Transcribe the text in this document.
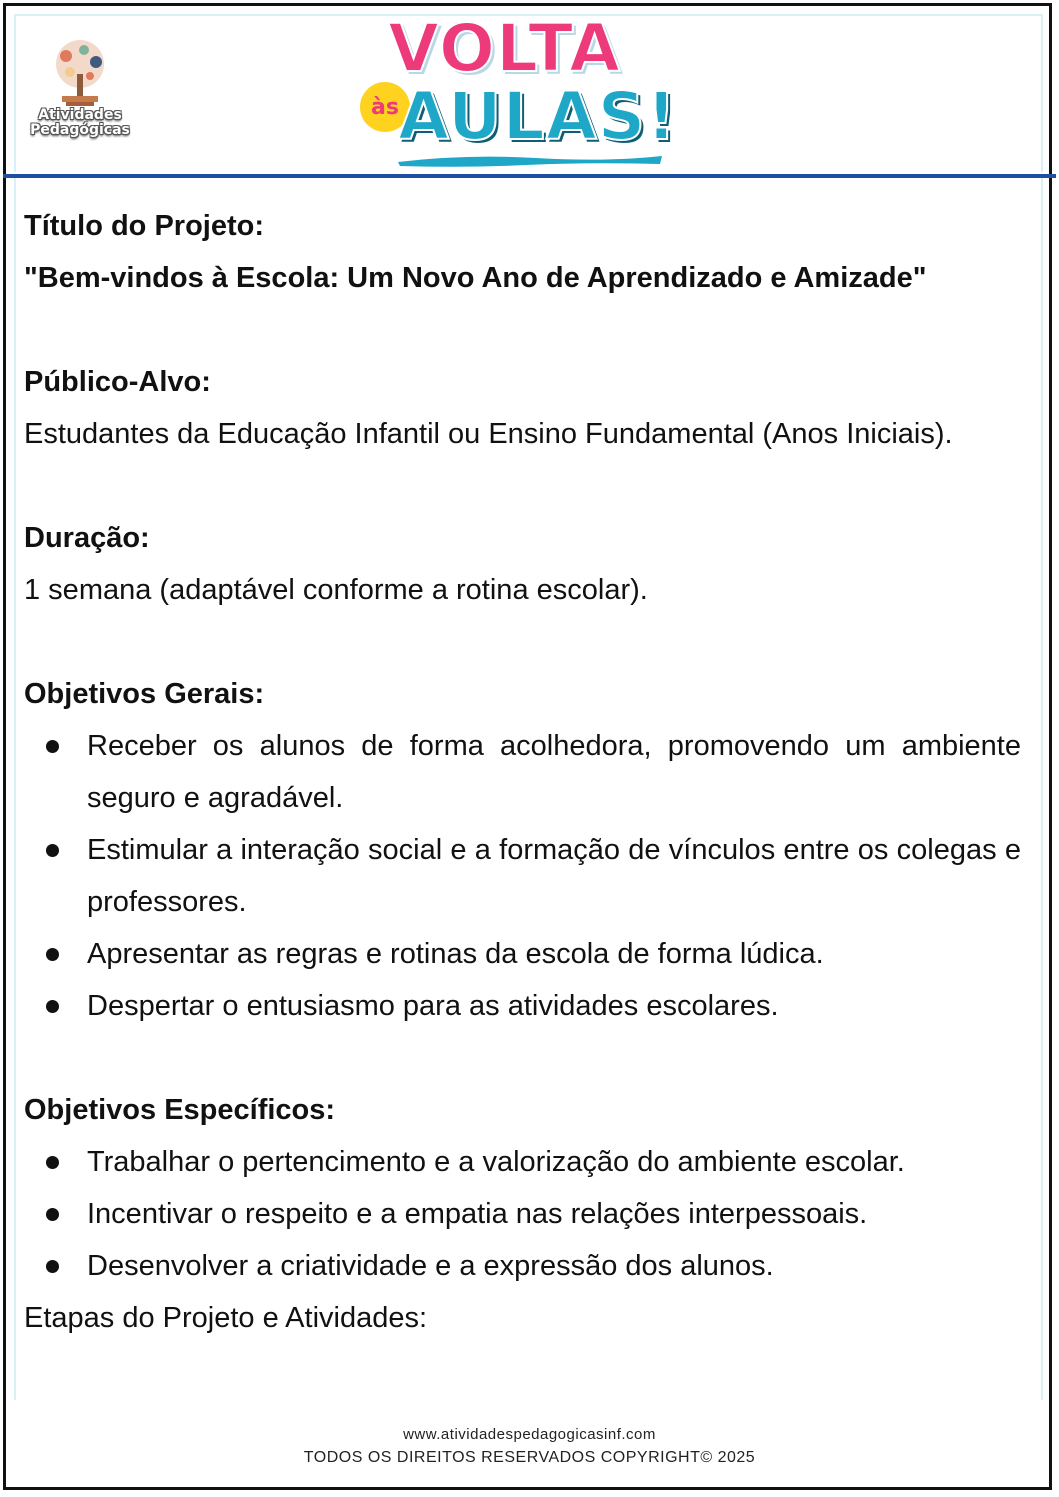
Atividades Pedagógicas
VOLTA
às AULAS!

Título do Projeto:

"Bem-vindos à Escola: Um Novo Ano de Aprendizado e Amizade"

Público-Alvo:

Estudantes da Educação Infantil ou Ensino Fundamental (Anos Iniciais).

Duração:

1 semana (adaptável conforme a rotina escolar).

Objetivos Gerais:

Receber os alunos de forma acolhedora, promovendo um ambiente seguro e agradável.
Estimular a interação social e a formação de vínculos entre os colegas e professores.
Apresentar as regras e rotinas da escola de forma lúdica.
Despertar o entusiasmo para as atividades escolares.

Objetivos Específicos:

Trabalhar o pertencimento e a valorização do ambiente escolar.
Incentivar o respeito e a empatia nas relações interpessoais.
Desenvolver a criatividade e a expressão dos alunos.

Etapas do Projeto e Atividades:

www.atividadespedagogicasinf.com
TODOS OS DIREITOS RESERVADOS COPYRIGHT© 2025
